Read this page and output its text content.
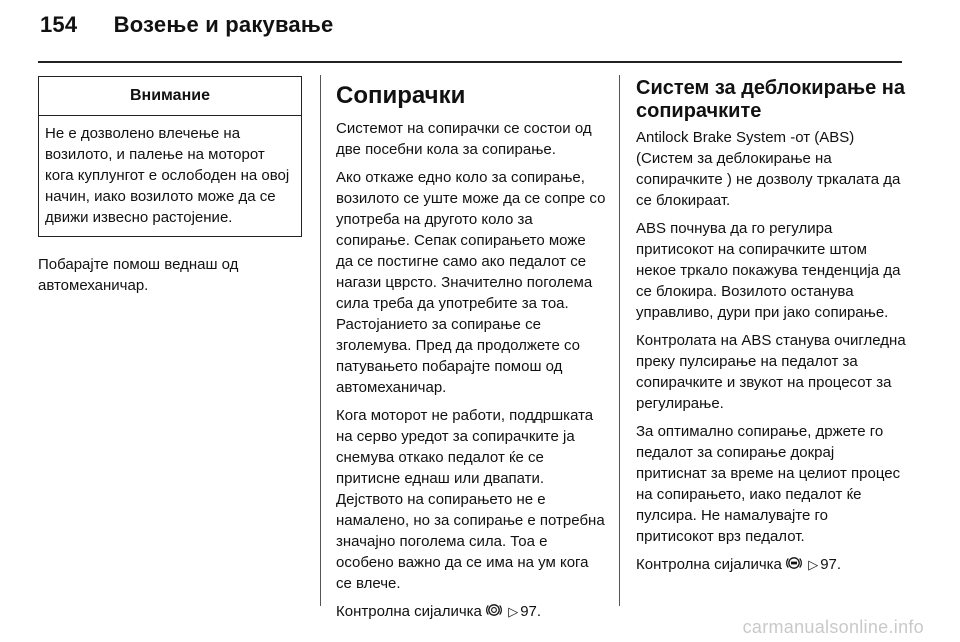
154 Возење и ракување
Внимание
Не е дозволено влечење на возилото, и палење на моторот кога куплунгот е ослободен на овој начин, иако возилото може да се движи извесно растојение.

Побарајте помош веднаш од автомеханичар.

Сопирачки

Системот на сопирачки се состои од две посебни кола за сопирање.

Ако откаже едно коло за сопирање, возилото се уште може да се сопре со употреба на другото коло за сопирање. Сепак сопирањето може да се постигне само ако педалот се нагази цврсто. Значително поголема сила треба да употребите за тоа. Растојанието за сопирање се зголемува. Пред да продолжете со патувањето побарајте помош од автомеханичар.

Кога моторот не работи, поддршката на серво уредот за сопирачките ја снемува откако педалот ќе се притисне еднаш или двапати. Дејството на сопирањето не е намалено, но за сопирање е потребна значајно поголема сила. Тоа е особено важно да се има на ум кога се влече.

Контролна сијаличка ▷ 97.

Систем за деблокирање на сопирачките

Antilock Brake System -от (ABS) (Систем за деблокирање на сопирачките ) не дозволу тркалата да се блокираат.

ABS почнува да го регулира притисокот на сопирачките штом некое тркало покажува тенденција да се блокира. Возилото останува управливо, дури при јако сопирање.

Контролата на ABS станува очигледна преку пулсирање на педалот за сопирачките и звукот на процесот за регулирање.

За оптимално сопирање, држете го педалот за сопирање докрај притиснат за време на целиот процес на сопирањето, иако педалот ќе пулсира. Не намалувајте го притисокот врз педалот.

Контролна сијаличка ▷ 97.

carmanualsonline.info
